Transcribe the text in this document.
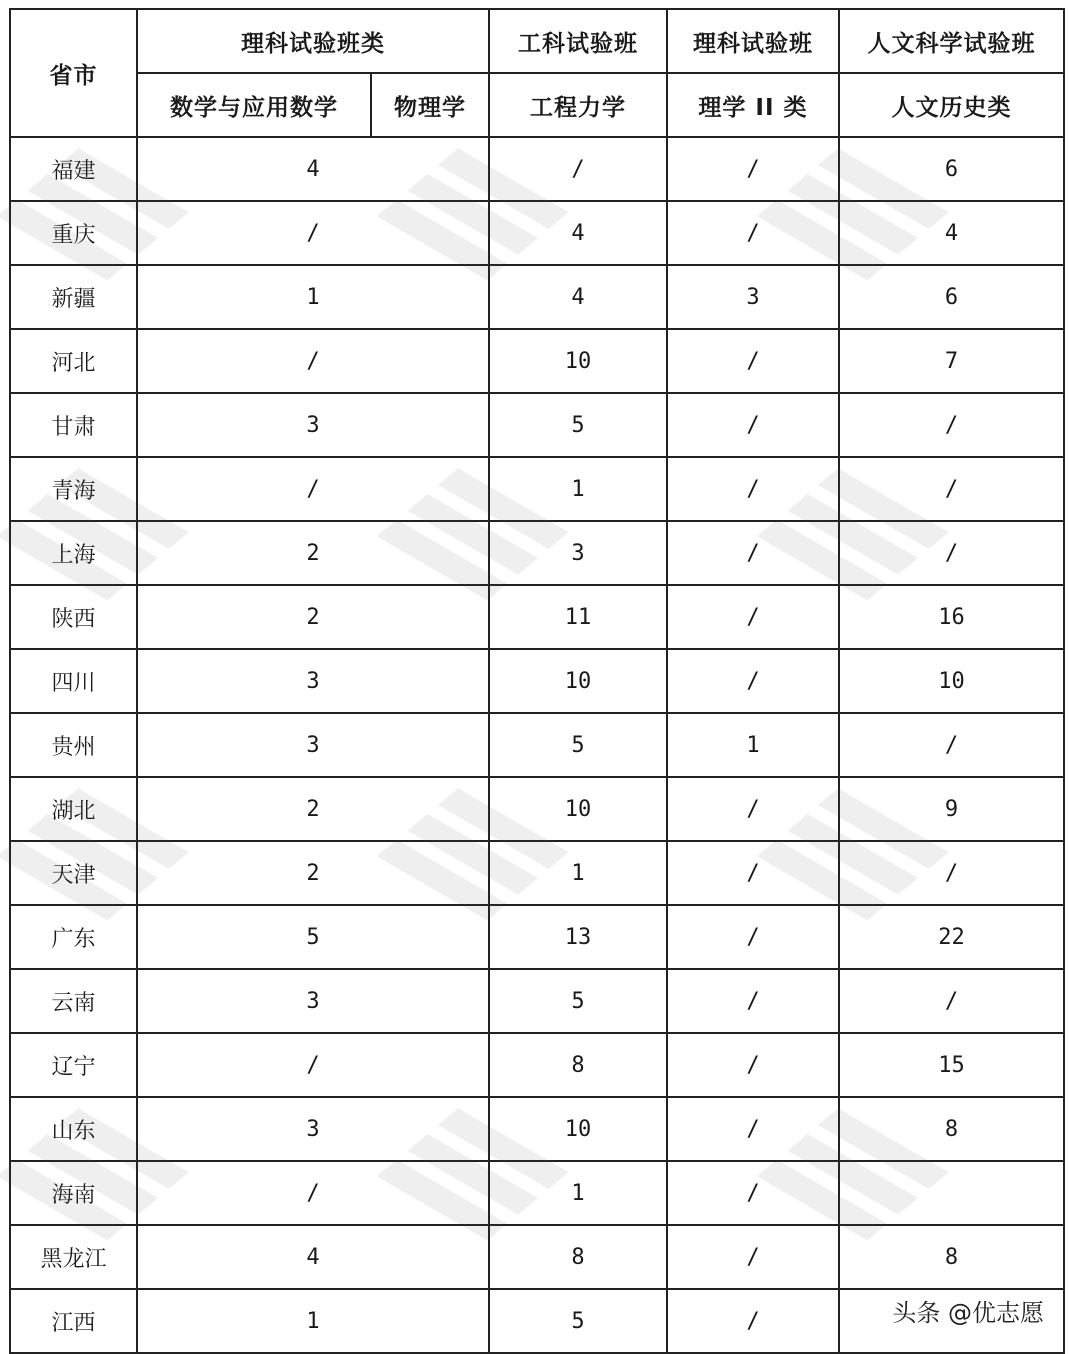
省市	理科试验班类		工科试验班	理科试验班	人文科学试验班
	数学与应用数学	物理学	工程力学	理学 II 类	人文历史类
福建	4		/	/	6
重庆	/		4	/	4
新疆	1		4	3	6
河北	/		10	/	7
甘肃	3		5	/	/
青海	/		1	/	/
上海	2		3	/	/
陕西	2		11	/	16
四川	3		10	/	10
贵州	3		5	1	/
湖北	2		10	/	9
天津	2		1	/	/
广东	5		13	/	22
云南	3		5	/	/
辽宁	/		8	/	15
山东	3		10	/	8
海南	/		1	/	
黑龙江	4		8	/	8
江西	1		5	/		头条 @优志愿
